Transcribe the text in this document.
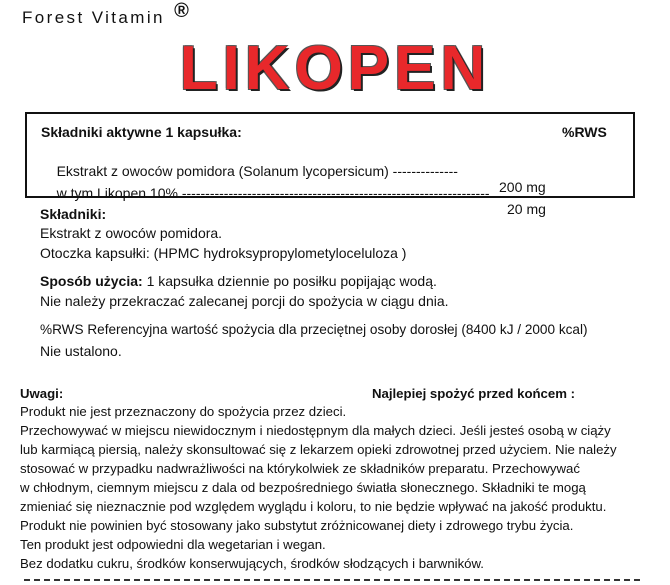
Forest Vitamin ®
LIKOPEN
Składniki aktywne 1 kapsułka:	%RWS

Ekstrakt z owoców pomidora (Solanum lycopersicum) --------------

200 mg

w tym Likopen 10% ------------------------------------------------------------------

20 mg

Składniki:
Ekstrakt z owoców pomidora.
Otoczka kapsułki: (HPMC hydroksypropylometyloceluloza )
Sposób użycia: 1 kapsułka dziennie po posiłku popijając wodą.
Nie należy przekraczać zalecanej porcji do spożycia w ciągu dnia.
%RWS Referencyjna wartość spożycia dla przeciętnej osoby dorosłej (8400 kJ / 2000 kcal)
Nie ustalono.
Uwagi:	Najlepiej spożyć przed końcem :
Produkt nie jest przeznaczony do spożycia przez dzieci.
Przechowywać w miejscu niewidocznym i niedostępnym dla małych dzieci. Jeśli jesteś osobą w ciąży
lub karmiącą piersią, należy skonsultować się z lekarzem opieki zdrowotnej przed użyciem. Nie należy
stosować w przypadku nadwrażliwości na którykolwiek ze składników preparatu. Przechowywać
w chłodnym, ciemnym miejscu z dala od bezpośredniego światła słonecznego. Składniki te mogą
zmieniać się nieznacznie pod względem wyglądu i koloru, to nie będzie wpływać na jakość produktu.
Produkt nie powinien być stosowany jako substytut zróżnicowanej diety i zdrowego trybu życia.
Ten produkt jest odpowiedni dla wegetarian i wegan.
Bez dodatku cukru, środków konserwujących, środków słodzących i barwników.
